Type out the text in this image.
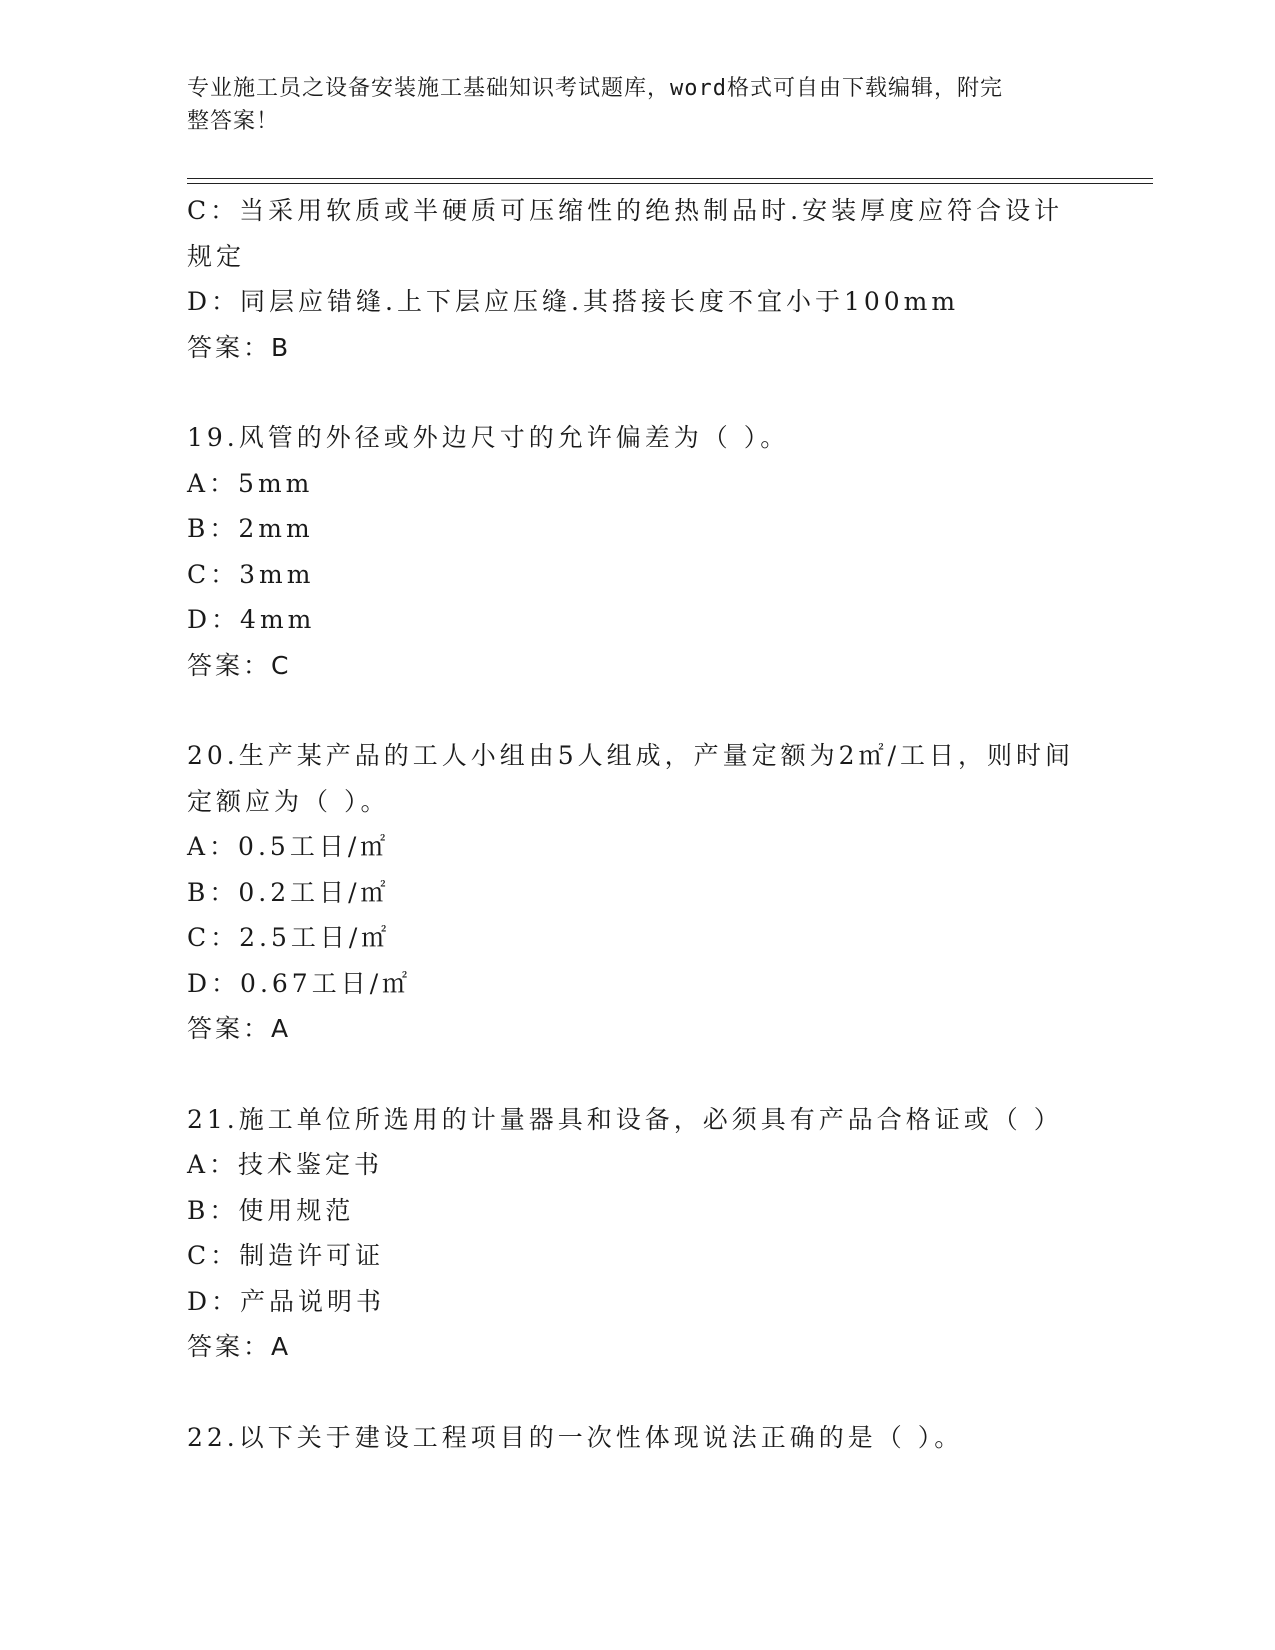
专业施工员之设备安装施工基础知识考试题库，word格式可自由下载编辑，附完
整答案！
C：当采用软质或半硬质可压缩性的绝热制品时.安装厚度应符合设计
规定
D：同层应错缝.上下层应压缝.其搭接长度不宜小于100mm
答案：B
19.风管的外径或外边尺寸的允许偏差为（ ）。
A：5mm
B：2mm
C：3mm
D：4mm
答案：C
20.生产某产品的工人小组由5人组成，产量定额为2㎡/工日，则时间
定额应为（ ）。
A：0.5工日/㎡
B：0.2工日/㎡
C：2.5工日/㎡
D：0.67工日/㎡
答案：A
21.施工单位所选用的计量器具和设备，必须具有产品合格证或（ ）
A：技术鉴定书
B：使用规范
C：制造许可证
D：产品说明书
答案：A
22.以下关于建设工程项目的一次性体现说法正确的是（ ）。
